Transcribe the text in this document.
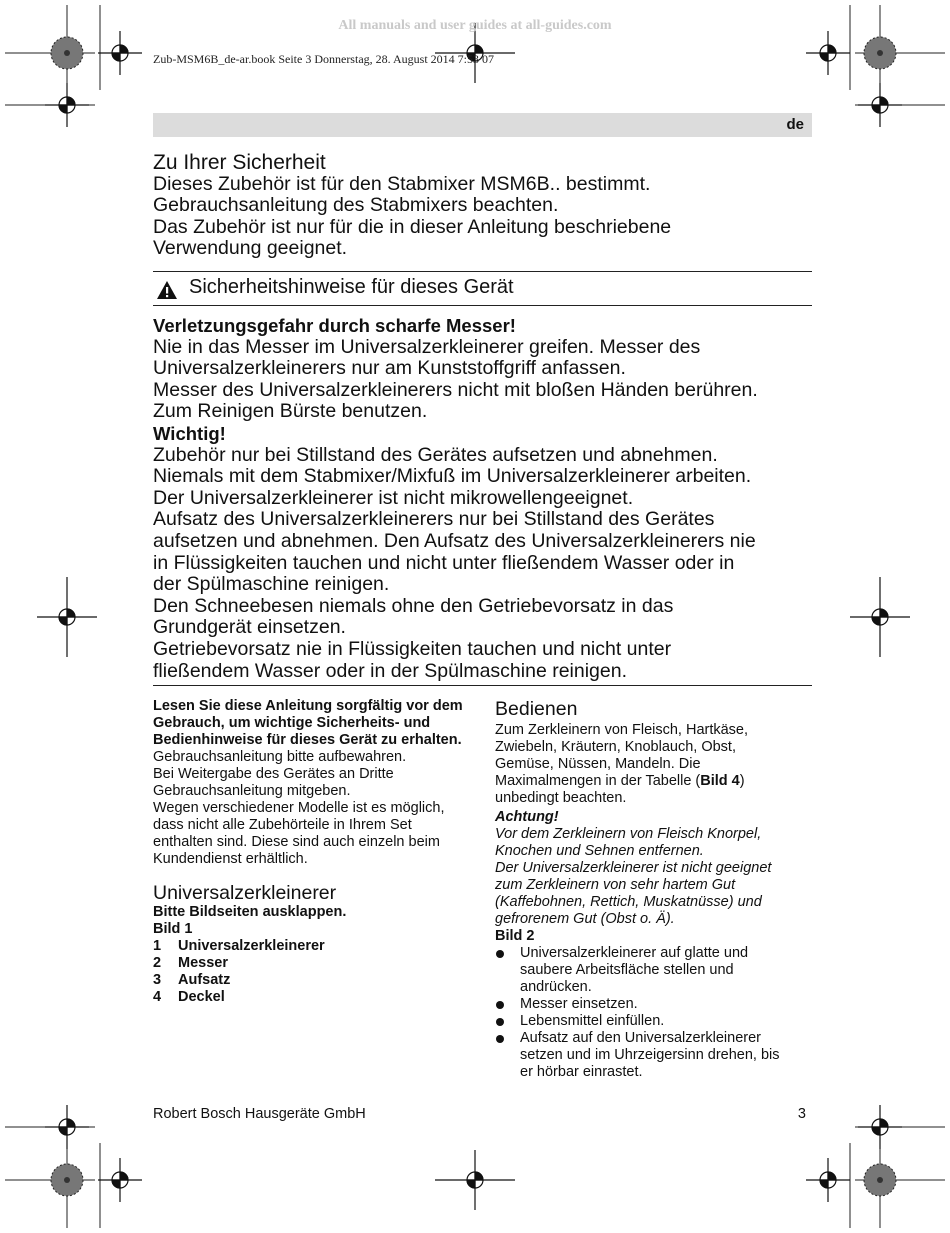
All manuals and user guides at all-guides.com
Zub-MSM6B_de-ar.book Seite 3 Donnerstag, 28. August 2014 7:53 07
de
Zu Ihrer Sicherheit
Dieses Zubehör ist für den Stabmixer MSM6B.. bestimmt.
Gebrauchsanleitung des Stabmixers beachten.
Das Zubehör ist nur für die in dieser Anleitung beschriebene
Verwendung geeignet.
Sicherheitshinweise für dieses Gerät
Verletzungsgefahr durch scharfe Messer!
Nie in das Messer im Universalzerkleinerer greifen. Messer des
Universalzerkleinerers nur am Kunststoffgriff anfassen.
Messer des Universalzerkleinerers nicht mit bloßen Händen berühren.
Zum Reinigen Bürste benutzen.
Wichtig!
Zubehör nur bei Stillstand des Gerätes aufsetzen und abnehmen.
Niemals mit dem Stabmixer/Mixfuß im Universalzerkleinerer arbeiten.
Der Universalzerkleinerer ist nicht mikrowellengeeignet.
Aufsatz des Universalzerkleinerers nur bei Stillstand des Gerätes
aufsetzen und abnehmen. Den Aufsatz des Universalzerkleinerers nie
in Flüssigkeiten tauchen und nicht unter fließendem Wasser oder in
der Spülmaschine reinigen.
Den Schneebesen niemals ohne den Getriebevorsatz in das
Grundgerät einsetzen.
Getriebevorsatz nie in Flüssigkeiten tauchen und nicht unter
fließendem Wasser oder in der Spülmaschine reinigen.
Lesen Sie diese Anleitung sorgfältig vor dem
Gebrauch, um wichtige Sicherheits- und
Bedienhinweise für dieses Gerät zu erhalten.
Gebrauchsanleitung bitte aufbewahren.
Bei Weitergabe des Gerätes an Dritte
Gebrauchsanleitung mitgeben.
Wegen verschiedener Modelle ist es möglich,
dass nicht alle Zubehörteile in Ihrem Set
enthalten sind. Diese sind auch einzeln beim
Kundendienst erhältlich.
Universalzerkleinerer
Bitte Bildseiten ausklappen.
Bild 1
1	Universalzerkleinerer
2	Messer
3	Aufsatz
4	Deckel
Bedienen
Zum Zerkleinern von Fleisch, Hartkäse,
Zwiebeln, Kräutern, Knoblauch, Obst,
Gemüse, Nüssen, Mandeln. Die
Maximalmengen in der Tabelle (Bild 4)
unbedingt beachten.
Achtung!
Vor dem Zerkleinern von Fleisch Knorpel,
Knochen und Sehnen entfernen.
Der Universalzerkleinerer ist nicht geeignet
zum Zerkleinern von sehr hartem Gut
(Kaffebohnen, Rettich, Muskatnüsse) und
gefrorenem Gut (Obst o. Ä).
Bild 2
Universalzerkleinerer auf glatte und
saubere Arbeitsfläche stellen und
andrücken.
Messer einsetzen.
Lebensmittel einfüllen.
Aufsatz auf den Universalzerkleinerer
setzen und im Uhrzeigersinn drehen, bis
er hörbar einrastet.
Robert Bosch Hausgeräte GmbH	3
